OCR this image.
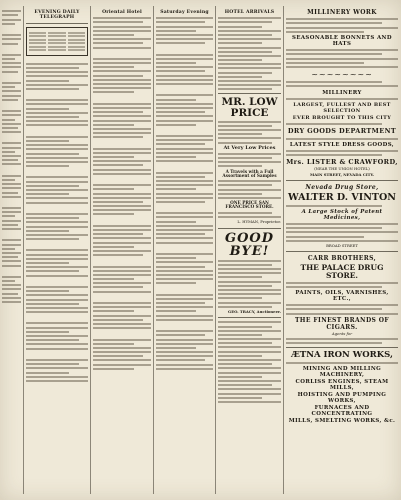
EVENING DAILY TELEGRAPH
Oriental Hotel	Saturday Evening	HOTEL ARRIVALS
MR. LOW PRICE
At Very Low Prices
A Travels with a Full Assortment of Samples
ONE PRICE SAN FRANCISCO STORE.
L. HYMAN, Proprietor.
GOOD BYE!
GEO. TRACY, Auctioneer.
MILLINERY WORK
SEASONABLE BONNETS AND HATS
~~~~~~~~
MILLINERY
LARGEST, FULLEST AND BEST SELECTION
EVER BROUGHT TO THIS CITY
DRY GOODS DEPARTMENT
LATEST STYLE DRESS GOODS,
Mrs. LISTER & CRAWFORD,
(NEAR THE UNION HOTEL)
MAIN STREET, NEVADA CITY.
Nevada Drug Store,
WALTER D. VINTON
A Large Stock of Patent Medicines,
BROAD STREET
CARR BROTHERS,
THE PALACE DRUG STORE.
PAINTS, OILS, VARNISHES, ETC.,
THE FINEST BRANDS OF CIGARS.
Agents for
ÆTNA IRON WORKS,
MINING AND MILLING MACHINERY,
CORLISS ENGINES, STEAM MILLS,
HOISTING AND PUMPING WORKS,
FURNACES AND CONCENTRATING
MILLS, SMELTING WORKS, &c.
